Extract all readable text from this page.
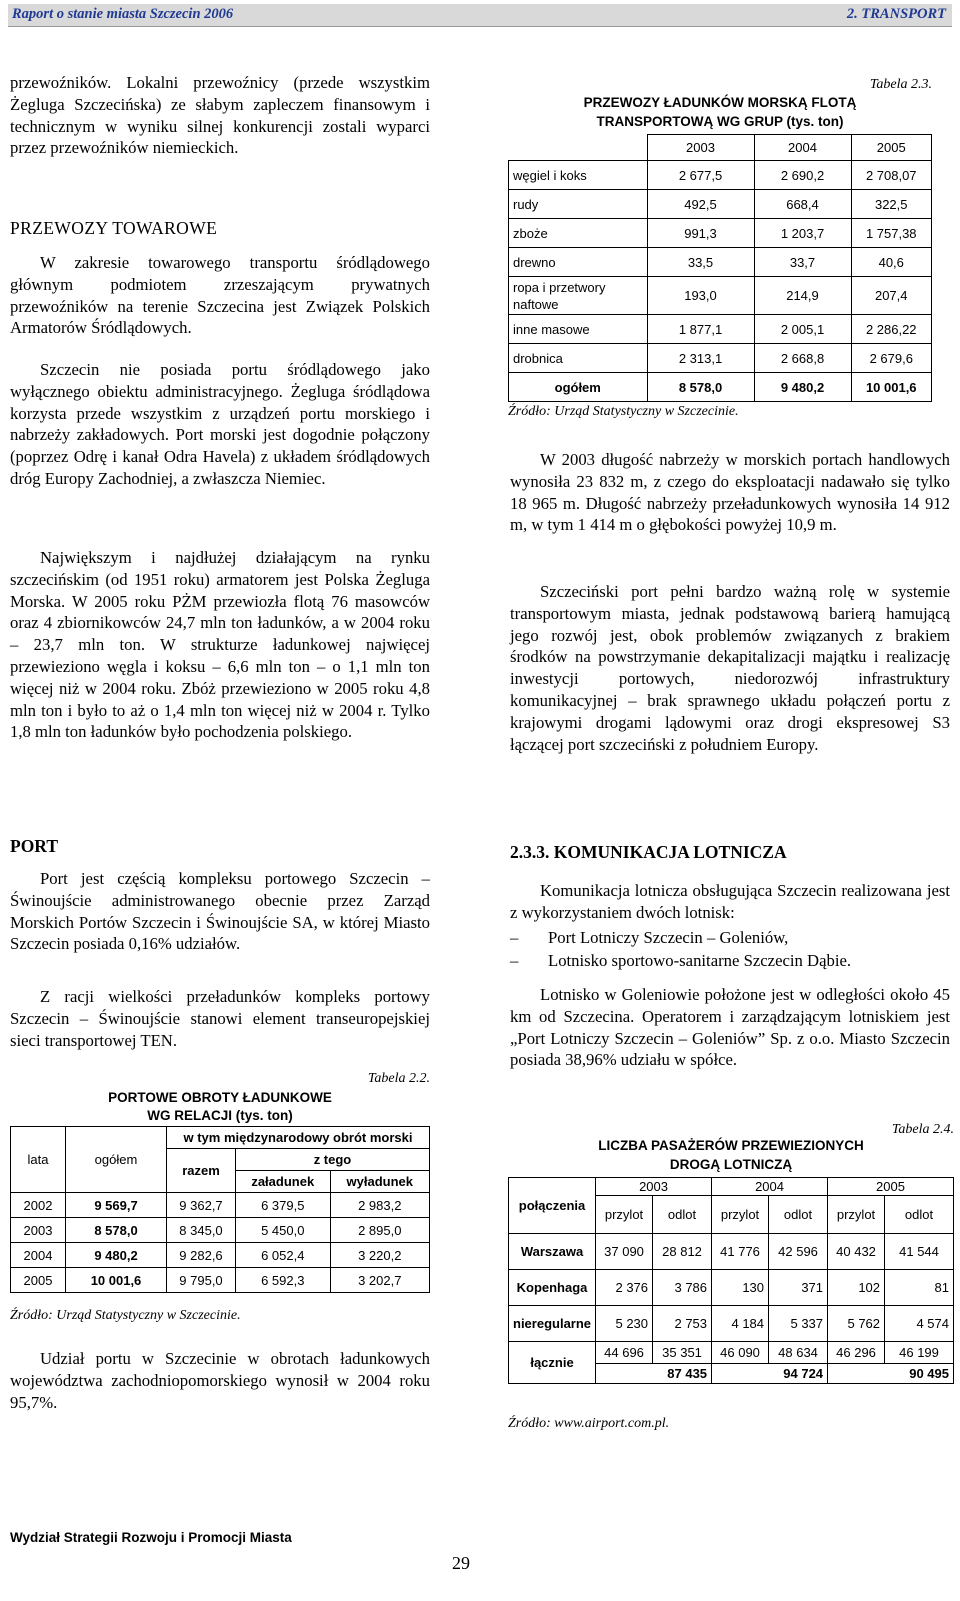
Raport o stanie miasta Szczecin 2006	2. TRANSPORT

przewoźników. Lokalni przewoźnicy (przede wszystkim Żegluga Szczecińska) ze słabym zapleczem finansowym i technicznym w wyniku silnej konkurencji zostali wyparci przez przewoźników niemieckich.

PRZEWOZY TOWAROWE

W zakresie towarowego transportu śródlądowego głównym podmiotem zrzeszającym prywatnych przewoźników na terenie Szczecina jest Związek Polskich Armatorów Śródlądowych.

Szczecin nie posiada portu śródlądowego jako wyłącznego obiektu administracyjnego. Żegluga śródlądowa korzysta przede wszystkim z urządzeń portu morskiego i nabrzeży zakładowych. Port morski jest dogodnie połączony (poprzez Odrę i kanał Odra Havela) z układem śródlądowych dróg Europy Zachodniej, a zwłaszcza Niemiec.

Największym i najdłużej działającym na rynku szczecińskim (od 1951 roku) armatorem jest Polska Żegluga Morska. W 2005 roku PŻM przewiozła flotą 76 masowców oraz 4 zbiornikowców 24,7 mln ton ładunków, a w 2004 roku – 23,7 mln ton. W strukturze ładunkowej najwięcej przewieziono węgla i koksu – 6,6 mln ton – o 1,1 mln ton więcej niż w 2004 roku. Zbóż przewieziono w 2005 roku 4,8 mln ton i było to aż o 1,4 mln ton więcej niż w 2004 r. Tylko 1,8 mln ton ładunków było pochodzenia polskiego.

PORT

Port jest częścią kompleksu portowego Szczecin – Świnoujście administrowanego obecnie przez Zarząd Morskich Portów Szczecin i Świnoujście SA, w której Miasto Szczecin posiada 0,16% udziałów.

Z racji wielkości przeładunków kompleks portowy Szczecin – Świnoujście stanowi element transeuropejskiej sieci transportowej TEN.

Tabela 2.2.
PORTOWE OBROTY ŁADUNKOWE
WG RELACJI (tys. ton)
lata	ogółem	w tym międzynarodowy obrót morski		
		razem	z tego	
			załadunek	wyładunek
2002	9 569,7	9 362,7	6 379,5	2 983,2
2003	8 578,0	8 345,0	5 450,0	2 895,0
2004	9 480,2	9 282,6	6 052,4	3 220,2
2005	10 001,6	9 795,0	6 592,3	3 202,7
Źródło: Urząd Statystyczny w Szczecinie.

Udział portu w Szczecinie w obrotach ładunkowych województwa zachodniopomorskiego wynosił w 2004 roku 95,7%.

Tabela 2.3.
PRZEWOZY ŁADUNKÓW MORSKĄ FLOTĄ
TRANSPORTOWĄ WG GRUP (tys. ton)
	2003	2004	2005
węgiel i koks	2 677,5	2 690,2	2 708,07
rudy	492,5	668,4	322,5
zboże	991,3	1 203,7	1 757,38
drewno	33,5	33,7	40,6
ropa i przetwory naftowe	193,0	214,9	207,4
inne masowe	1 877,1	2 005,1	2 286,22
drobnica	2 313,1	2 668,8	2 679,6
ogółem	8 578,0	9 480,2	10 001,6
Źródło: Urząd Statystyczny w Szczecinie.

W 2003 długość nabrzeży w morskich portach handlowych wynosiła 23 832 m, z czego do eksploatacji nadawało się tylko 18 965 m. Długość nabrzeży przeładunkowych wynosiła 14 912 m, w tym 1 414 m o głębokości powyżej 10,9 m.

Szczeciński port pełni bardzo ważną rolę w systemie transportowym miasta, jednak podstawową barierą hamującą jego rozwój jest, obok problemów związanych z brakiem środków na powstrzymanie dekapitalizacji majątku i realizację inwestycji portowych, niedorozwój infrastruktury komunikacyjnej – brak sprawnego układu połączeń portu z krajowymi drogami lądowymi oraz drogi ekspresowej S3 łączącej port szczeciński z południem Europy.

2.3.3. KOMUNIKACJA LOTNICZA

Komunikacja lotnicza obsługująca Szczecin realizowana jest z wykorzystaniem dwóch lotnisk:

– Port Lotniczy Szczecin – Goleniów,
– Lotnisko sportowo-sanitarne Szczecin Dąbie.

Lotnisko w Goleniowie położone jest w odległości około 45 km od Szczecina. Operatorem i zarządzającym lotniskiem jest „Port Lotniczy Szczecin – Goleniów” Sp. z o.o. Miasto Szczecin posiada 38,96% udziału w spółce.

Tabela 2.4.
LICZBA PASAŻERÓW PRZEWIEZIONYCH
DROGĄ LOTNICZĄ
połączenia	2003		2004		2005	
	przylot	odlot	przylot	odlot	przylot	odlot
Warszawa	37 090	28 812	41 776	42 596	40 432	41 544
Kopenhaga	2 376	3 786	130	371	102	81
nieregularne	5 230	2 753	4 184	5 337	5 762	4 574
łącznie	44 696	35 351	46 090	48 634	46 296	46 199
	87 435		94 724		90 495	
Źródło: www.airport.com.pl.
Wydział Strategii Rozwoju i Promocji Miasta
29
